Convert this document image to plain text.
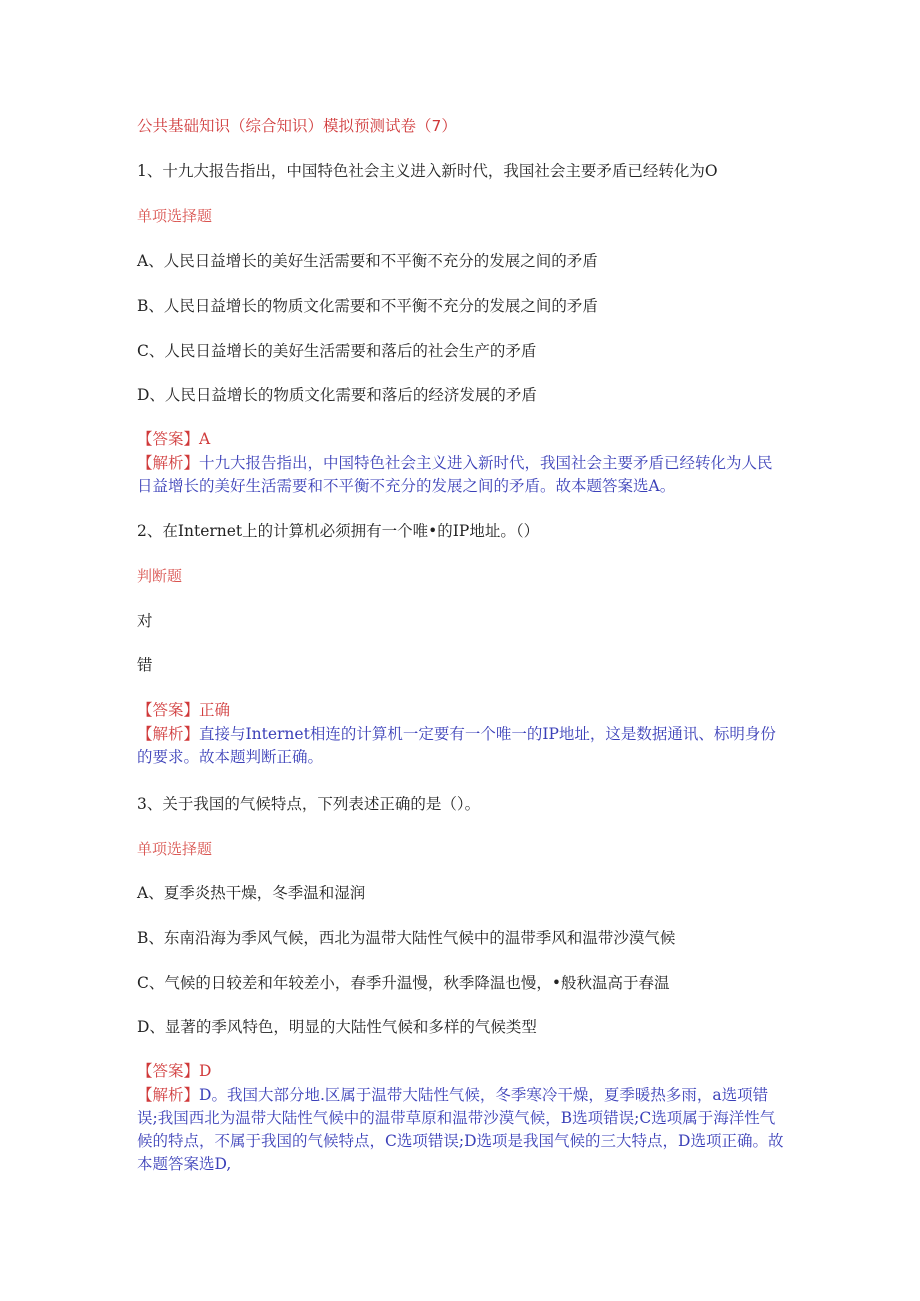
公共基础知识（综合知识）模拟预测试卷（7）
1、十九大报告指出，中国特色社会主义进入新时代，我国社会主要矛盾已经转化为O
单项选择题
A、人民日益增长的美好生活需要和不平衡不充分的发展之间的矛盾
B、人民日益增长的物质文化需要和不平衡不充分的发展之间的矛盾
C、人民日益增长的美好生活需要和落后的社会生产的矛盾
D、人民日益增长的物质文化需要和落后的经济发展的矛盾
【答案】A
【解析】十九大报告指出，中国特色社会主义进入新时代，我国社会主要矛盾已经转化为人民日益增长的美好生活需要和不平衡不充分的发展之间的矛盾。故本题答案选A。
2、在Internet上的计算机必须拥有一个唯•的IP地址。（）
判断题
对
错
【答案】正确
【解析】直接与Internet相连的计算机一定要有一个唯一的IP地址，这是数据通讯、标明身份的要求。故本题判断正确。
3、关于我国的气候特点，下列表述正确的是（）。
单项选择题
A、夏季炎热干燥，冬季温和湿润
B、东南沿海为季风气候，西北为温带大陆性气候中的温带季风和温带沙漠气候
C、气候的日较差和年较差小，春季升温慢，秋季降温也慢，•般秋温高于春温
D、显著的季风特色，明显的大陆性气候和多样的气候类型
【答案】D
【解析】D。我国大部分地.区属于温带大陆性气候，冬季寒冷干燥，夏季暖热多雨，a选项错误;我国西北为温带大陆性气候中的温带草原和温带沙漠气候，B选项错误;C选项属于海洋性气候的特点，不属于我国的气候特点，C选项错误;D选项是我国气候的三大特点，D选项正确。故本题答案选D,
